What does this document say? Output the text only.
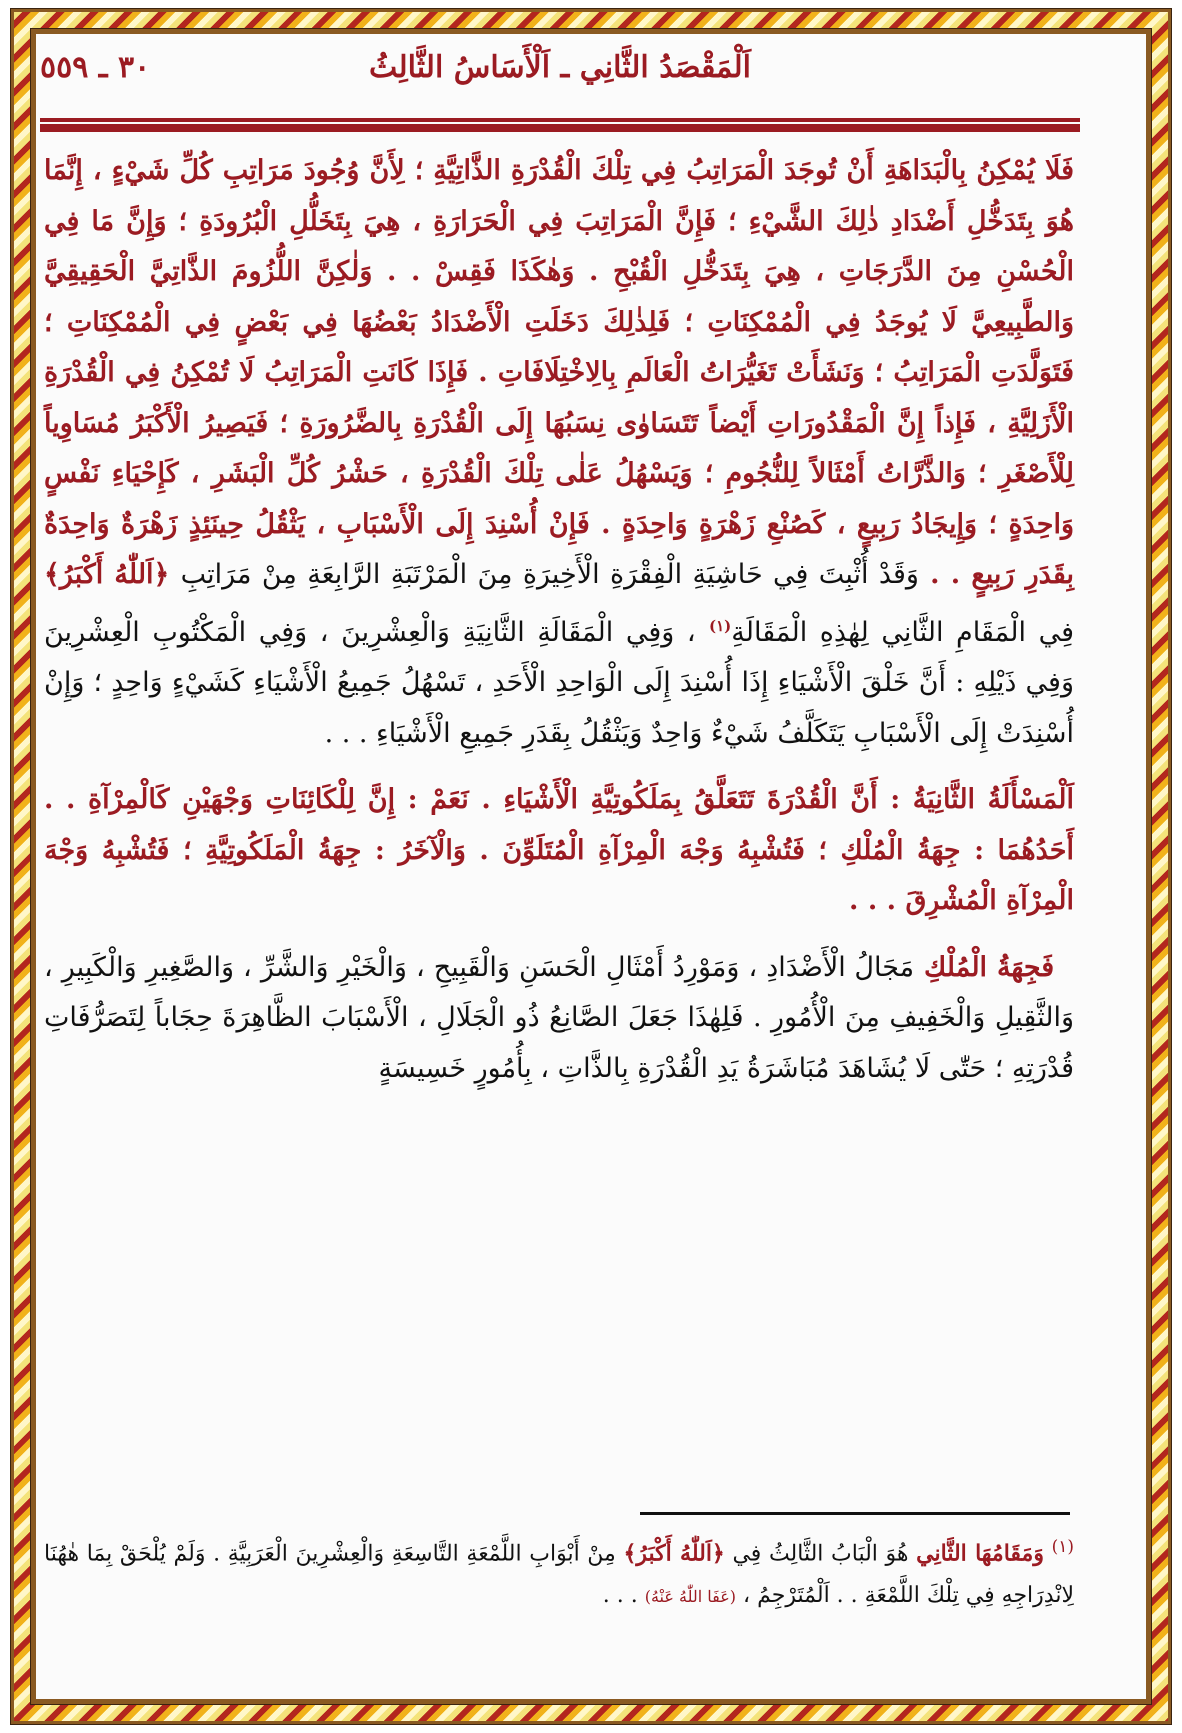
اَلْمَقْصَدُ الثَّانِي ـ اَلْأَسَاسُ الثَّالِثُ
٣٠ ـ ٥٥٩

فَلَا يُمْكِنُ بِالْبَدَاهَةِ أَنْ تُوجَدَ الْمَرَاتِبُ فِي تِلْكَ الْقُدْرَةِ الذَّاتِيَّةِ ؛ لِأَنَّ وُجُودَ مَرَاتِبِ كُلِّ شَيْءٍ ، إِنَّمَا هُوَ بِتَدَخُّلِ أَضْدَادِ ذٰلِكَ الشَّيْءِ ؛ فَإِنَّ الْمَرَاتِبَ فِي الْحَرَارَةِ ، هِيَ بِتَخَلُّلِ الْبُرُودَةِ ؛ وَإِنَّ مَا فِي الْحُسْنِ مِنَ الدَّرَجَاتِ ، هِيَ بِتَدَخُّلِ الْقُبْحِ . وَهٰكَذَا فَقِسْ . . وَلٰكِنَّ اللُّزُومَ الذَّاتِيَّ الْحَقِيقِيَّ وَالطَّبِيعِيَّ لَا يُوجَدُ فِي الْمُمْكِنَاتِ ؛ فَلِذٰلِكَ دَخَلَتِ الْأَضْدَادُ بَعْضُهَا فِي بَعْضٍ فِي الْمُمْكِنَاتِ ؛ فَتَوَلَّدَتِ الْمَرَاتِبُ ؛ وَنَشَأَتْ تَغَيُّرَاتُ الْعَالَمِ بِالِاخْتِلَافَاتِ . فَإِذَا كَانَتِ الْمَرَاتِبُ لَا تُمْكِنُ فِي الْقُدْرَةِ الْأَزَلِيَّةِ ، فَإِذاً إِنَّ الْمَقْدُورَاتِ أَيْضاً تَتَسَاوٰى نِسَبُهَا إِلَى الْقُدْرَةِ بِالضَّرُورَةِ ؛ فَيَصِيرُ الْأَكْبَرُ مُسَاوِياً لِلْأَصْغَرِ ؛ وَالذَّرَّاتُ أَمْثَالاً لِلنُّجُومِ ؛ وَيَسْهُلُ عَلٰى تِلْكَ الْقُدْرَةِ ، حَشْرُ كُلِّ الْبَشَرِ ، كَإِحْيَاءِ نَفْسٍ وَاحِدَةٍ ؛ وَإِيجَادُ رَبِيعٍ ، كَصُنْعِ زَهْرَةٍ وَاحِدَةٍ . فَإِنْ أُسْنِدَ إِلَى الْأَسْبَابِ ، يَثْقُلُ حِينَئِذٍ زَهْرَةٌ وَاحِدَةٌ بِقَدَرِ رَبِيعٍ . . وَقَدْ أُثْبِتَ فِي حَاشِيَةِ الْفِقْرَةِ الْأَخِيرَةِ مِنَ الْمَرْتَبَةِ الرَّابِعَةِ مِنْ مَرَاتِبِ ﴿اَللّٰهُ أَكْبَرُ﴾ فِي الْمَقَامِ الثَّانِي لِهٰذِهِ الْمَقَالَةِ$^{(١)}$ ، وَفِي الْمَقَالَةِ الثَّانِيَةِ وَالْعِشْرِينَ ، وَفِي الْمَكْتُوبِ الْعِشْرِينَ وَفِي ذَيْلِهِ : أَنَّ خَلْقَ الْأَشْيَاءِ إِذَا أُسْنِدَ إِلَى الْوَاحِدِ الْأَحَدِ ، تَسْهُلُ جَمِيعُ الْأَشْيَاءِ كَشَيْءٍ وَاحِدٍ ؛ وَإِنْ أُسْنِدَتْ إِلَى الْأَسْبَابِ يَتَكَلَّفُ شَيْءٌ وَاحِدٌ وَيَثْقُلُ بِقَدَرِ جَمِيعِ الْأَشْيَاءِ . . .

اَلْمَسْأَلَةُ الثَّانِيَةُ : أَنَّ الْقُدْرَةَ تَتَعَلَّقُ بِمَلَكُوتِيَّةِ الْأَشْيَاءِ . نَعَمْ : إِنَّ لِلْكَائِنَاتِ وَجْهَيْنِ كَالْمِرْآةِ . . أَحَدُهُمَا : جِهَةُ الْمُلْكِ ؛ فَتُشْبِهُ وَجْهَ الْمِرْآةِ الْمُتَلَوِّنَ . وَالْآخَرُ : جِهَةُ الْمَلَكُوتِيَّةِ ؛ فَتُشْبِهُ وَجْهَ الْمِرْآةِ الْمُشْرِقَ . . .

فَجِهَةُ الْمُلْكِ مَجَالُ الْأَضْدَادِ ، وَمَوْرِدُ أَمْثَالِ الْحَسَنِ وَالْقَبِيحِ ، وَالْخَيْرِ وَالشَّرِّ ، وَالصَّغِيرِ وَالْكَبِيرِ ، وَالثَّقِيلِ وَالْخَفِيفِ مِنَ الْأُمُورِ . فَلِهٰذَا جَعَلَ الصَّانِعُ ذُو الْجَلَالِ ، الْأَسْبَابَ الظَّاهِرَةَ حِجَاباً لِتَصَرُّفَاتِ قُدْرَتِهِ ؛ حَتّٰى لَا يُشَاهَدَ مُبَاشَرَةُ يَدِ الْقُدْرَةِ بِالذَّاتِ ، بِأُمُورٍ خَسِيسَةٍ

$^{(١)}$ وَمَقَامُهَا الثَّانِي هُوَ الْبَابُ الثَّالِثُ فِي ﴿اَللّٰهُ أَكْبَرُ﴾ مِنْ أَبْوَابِ اللَّمْعَةِ التَّاسِعَةِ وَالْعِشْرِينَ الْعَرَبِيَّةِ . وَلَمْ يُلْحَقْ بِمَا هٰهُنَا لِانْدِرَاجِهِ فِي تِلْكَ اللَّمْعَةِ . . اَلْمُتَرْجِمُ ، (عَفَا اللّٰهُ عَنْهُ) . . .
